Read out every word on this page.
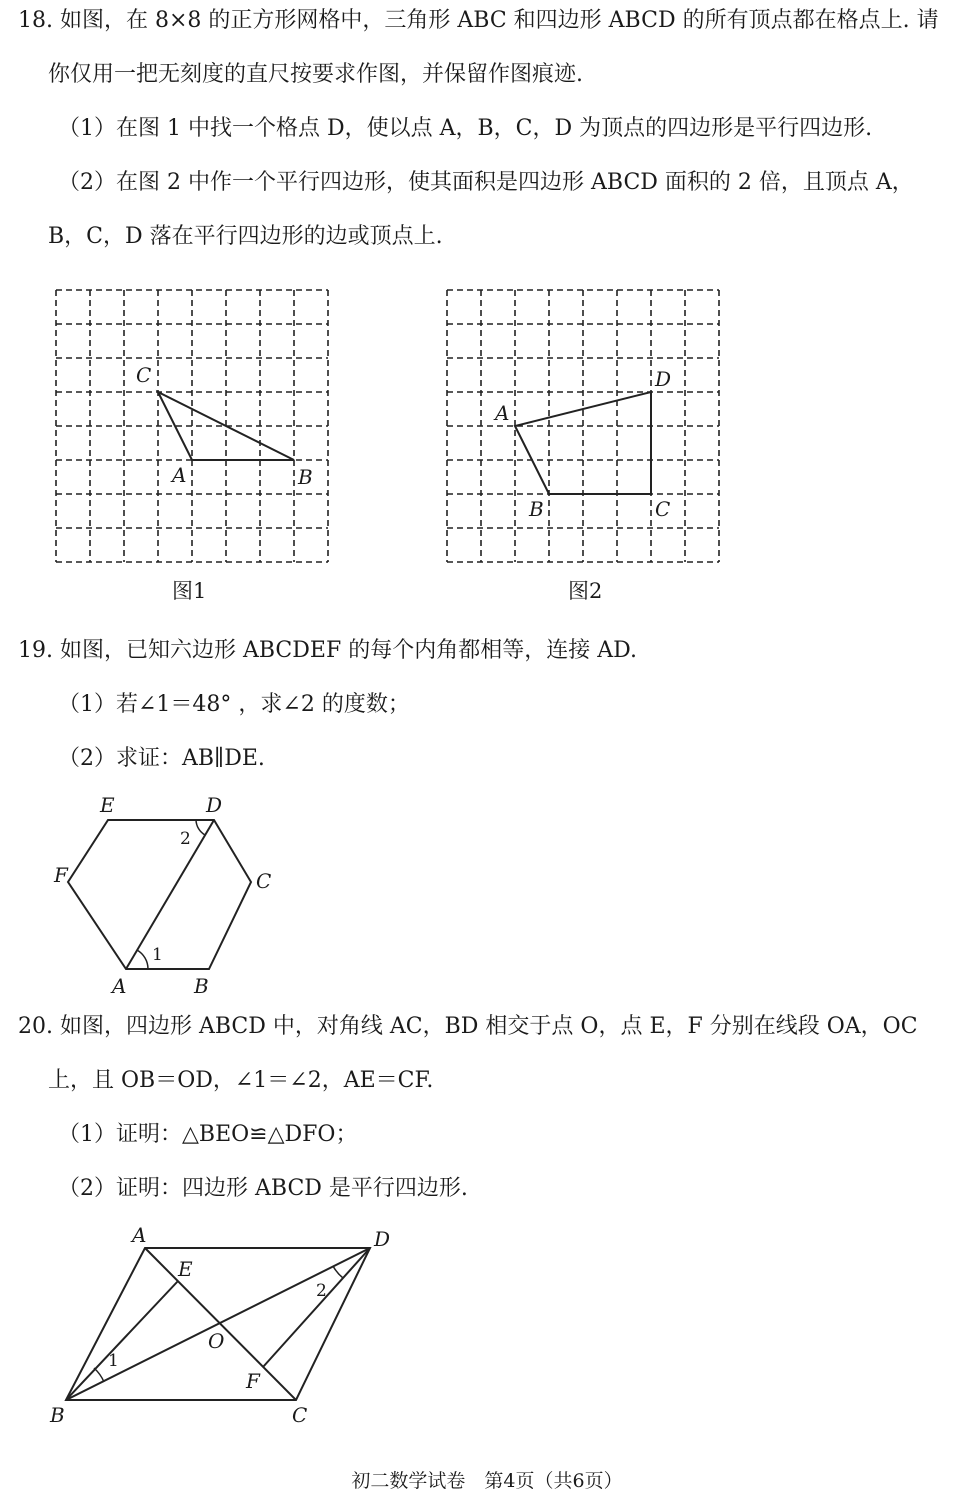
18. 如图，在 8×8 的正方形网格中，三角形 ABC 和四边形 ABCD 的所有顶点都在格点上. 请
你仅用一把无刻度的直尺按要求作图，并保留作图痕迹.
（1）在图 1 中找一个格点 D，使以点 A，B，C，D 为顶点的四边形是平行四边形.
（2）在图 2 中作一个平行四边形，使其面积是四边形 ABCD 面积的 2 倍，且顶点 A，
B，C，D 落在平行四边形的边或顶点上.
C
A	B
图1
A
B	C
D
图2
19. 如图，已知六边形 ABCDEF 的每个内角都相等，连接 AD.
（1）若∠1＝48° ，求∠2 的度数；
（2）求证：AB∥DE.
A	B
C
D
E
F
1
2
20. 如图，四边形 ABCD 中，对角线 AC，BD 相交于点 O，点 E，F 分别在线段 OA，OC
上，且 OB＝OD，∠1＝∠2，AE＝CF.
（1）证明：△BEO≌△DFO；
（2）证明：四边形 ABCD 是平行四边形.
A
B	C
D
E
F
O
1
2
初二数学试卷　第4页（共6页）
